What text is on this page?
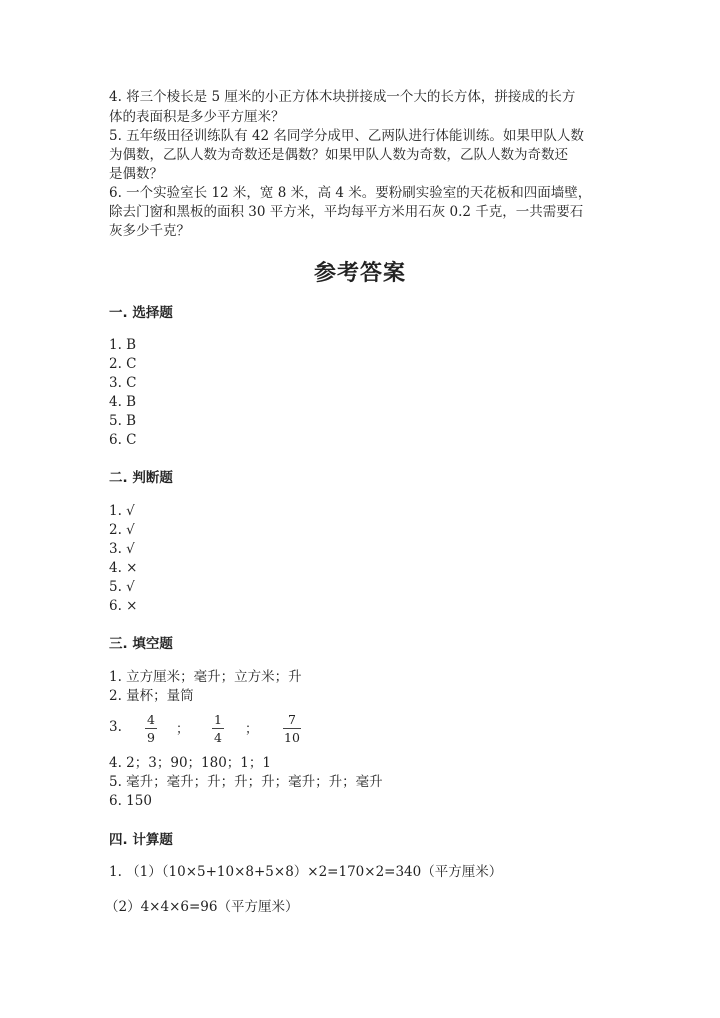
4. 将三个棱长是 5 厘米的小正方体木块拼接成一个大的长方体，拼接成的长方
体的表面积是多少平方厘米？
5. 五年级田径训练队有 42 名同学分成甲、乙两队进行体能训练。如果甲队人数
为偶数，乙队人数为奇数还是偶数？如果甲队人数为奇数，乙队人数为奇数还
是偶数？
6. 一个实验室长 12 米，宽 8 米，高 4 米。要粉刷实验室的天花板和四面墙壁，
除去门窗和黑板的面积 30 平方米，平均每平方米用石灰 0.2 千克，一共需要石
灰多少千克？
参考答案
一. 选择题
1. B
2. C
3. C
4. B
5. B
6. C
二. 判断题
1. √
2. √
3. √
4. ×
5. √
6. ×
三. 填空题
1. 立方厘米；毫升；立方米；升
2. 量杯；量筒
3. 4
9
；
1
4
；
7
10
4. 2；3；90；180；1；1
5. 毫升；毫升；升；升；升；毫升；升；毫升
6. 150
四. 计算题
1. （1）（10×5+10×8+5×8）×2=170×2=340（平方厘米）
（2）4×4×6=96（平方厘米）
